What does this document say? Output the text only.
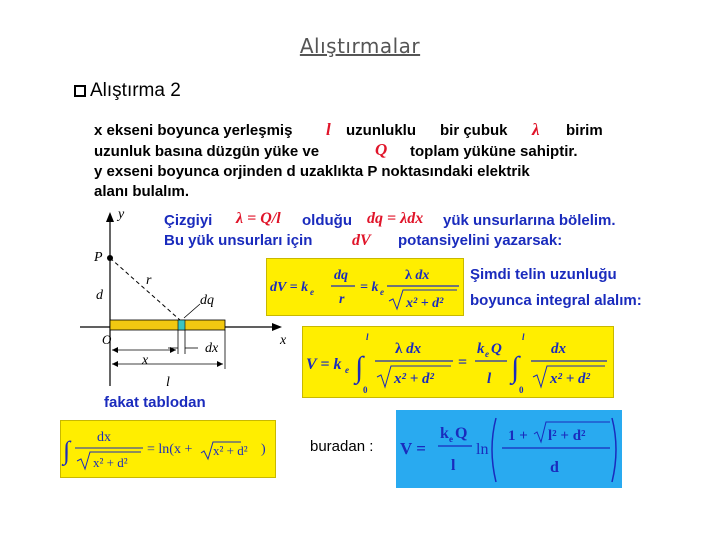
Alıştırmalar
Alıştırma 2
x ekseni boyunca yerleşmiş l uzunluklu bir çubuk λ birim
uzunluk basına düzgün yüke ve	Q toplam yüküne sahiptir.
y exseni boyunca orjinden d uzaklıkta P noktasındaki elektrik
alanı bulalım.
Çizgiyi λ = Q/l olduğu dq = λdx yük unsurlarına bölelim.
Bu yük unsurları için dV potansiyelini yazarsak:
Şimdi telin uzunluğu
boyunca integral alalım:
fakat tablodan
buradan :
y
x
P
r
d	dq
dx
O
x
l
dV = k e
dq
r
= k e
λ dx
x² + d²
V = k e ∫
l
0
λ dx
x² + d²
=
k e Q
l ∫
l
0
dx
x² + d²
∫ dx
x² + d²
= ln(x + x² + d² )	V =
k e Q
l
ln
1 + l² + d²
d
